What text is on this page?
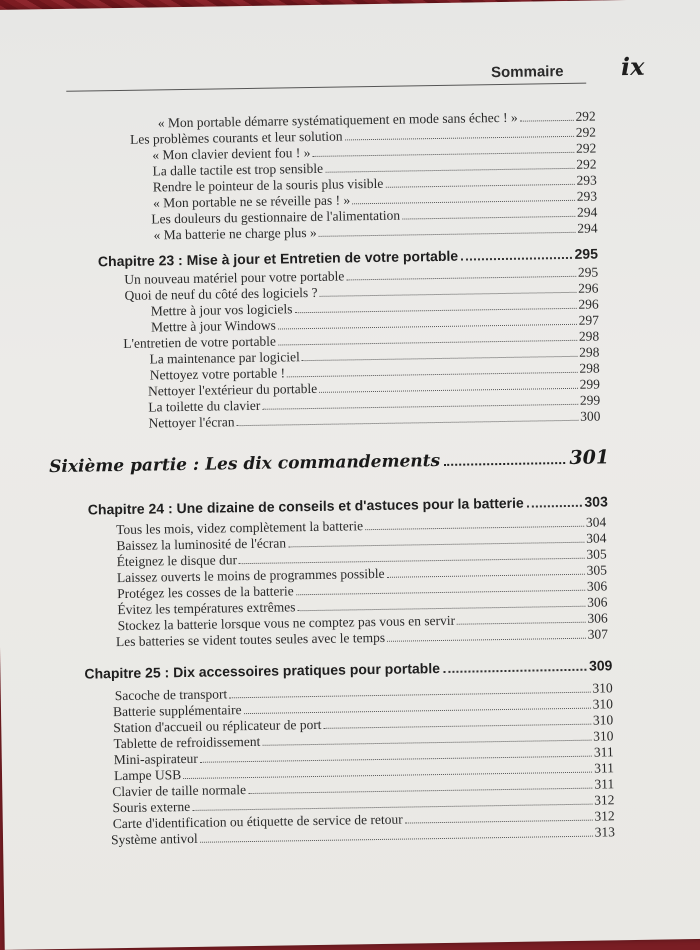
Sommaire ix
« Mon portable démarre systématiquement en mode sans échec ! »	292
Les problèmes courants et leur solution	292
« Mon clavier devient fou ! »	292
La dalle tactile est trop sensible	292
Rendre le pointeur de la souris plus visible	293
« Mon portable ne se réveille pas ! »	293
Les douleurs du gestionnaire de l'alimentation	294
« Ma batterie ne charge plus »	294
Chapitre 23 : Mise à jour et Entretien de votre portable	295
Un nouveau matériel pour votre portable	295
Quoi de neuf du côté des logiciels ?	296
Mettre à jour vos logiciels	296
Mettre à jour Windows	297
L'entretien de votre portable	298
La maintenance par logiciel	298
Nettoyez votre portable !	298
Nettoyer l'extérieur du portable	299
La toilette du clavier	299
Nettoyer l'écran	300
Sixième partie : Les dix commandements	301
Chapitre 24 : Une dizaine de conseils et d'astuces pour la batterie	303
Tous les mois, videz complètement la batterie	304
Baissez la luminosité de l'écran	304
Éteignez le disque dur	305
Laissez ouverts le moins de programmes possible	305
Protégez les cosses de la batterie	306
Évitez les températures extrêmes	306
Stockez la batterie lorsque vous ne comptez pas vous en servir	306
Les batteries se vident toutes seules avec le temps	307
Chapitre 25 : Dix accessoires pratiques pour portable	309
Sacoche de transport	310
Batterie supplémentaire	310
Station d'accueil ou réplicateur de port	310
Tablette de refroidissement	310
Mini-aspirateur	311
Lampe USB	311
Clavier de taille normale	311
Souris externe	312
Carte d'identification ou étiquette de service de retour	312
Système antivol	313
